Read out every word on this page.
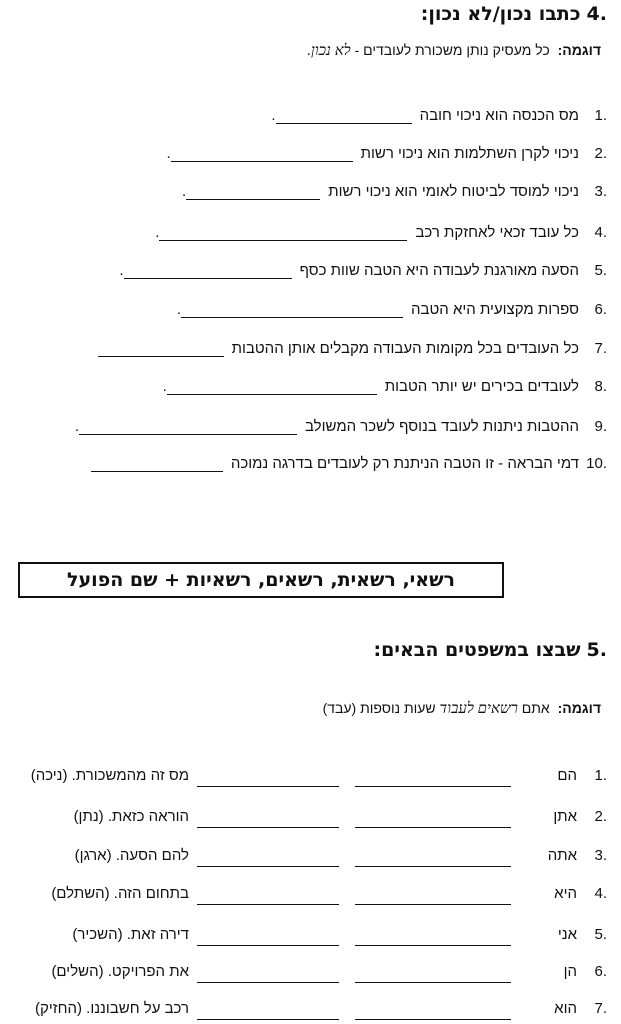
.4כתבו נכון/לא נכון:
דוגמה: כל מעסיק נותן משכורת לעובדים - לא נכון.
.1
מס הכנסה הוא ניכוי חובה
.
.2
ניכוי לקרן השתלמות הוא ניכוי רשות
.
.3
ניכוי למוסד לביטוח לאומי הוא ניכוי רשות
.
.4
כל עובד זכאי לאחזקת רכב
.
.5
הסעה מאורגנת לעבודה היא הטבה שוות כסף
.
.6
ספרות מקצועית היא הטבה
.
.7
כל העובדים בכל מקומות העבודה מקבלים אותן ההטבות
.8
לעובדים בכירים יש יותר הטבות
.
.9
ההטבות ניתנות לעובד בנוסף לשכר המשולב
.
.10
דמי הבראה - זו הטבה הניתנת רק לעובדים בדרגה נמוכה
רשאי, רשאית, רשאים, רשאיות + שם הפועל
.5שבצו במשפטים הבאים:
דוגמה: אתם רשאים לעבוד שעות נוספות (עבד)
.1
הם
מס זה מהמשכורת. (ניכה)
.2
אתן
הוראה כזאת. (נתן)
.3
אתה
להם הסעה. (ארגן)
.4
היא
בתחום הזה. (השתלם)
.5
אני
דירה זאת. (השכיר)
.6
הן
את הפרויקט. (השלים)
.7
הוא
רכב על חשבוננו. (החזיק)
